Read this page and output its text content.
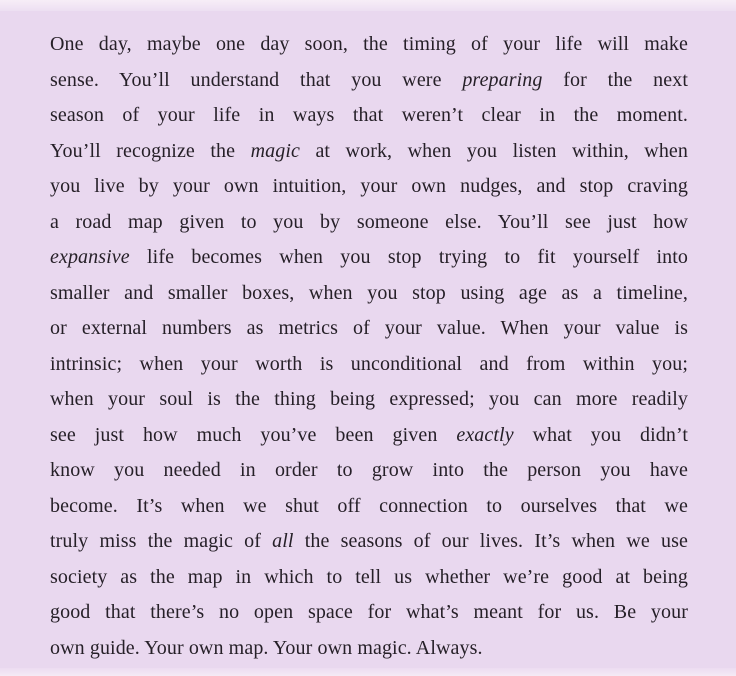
One day, maybe one day soon, the timing of your life will make
sense. You’ll understand that you were preparing for the next
season of your life in ways that weren’t clear in the moment.
You’ll recognize the magic at work, when you listen within, when
you live by your own intuition, your own nudges, and stop craving
a road map given to you by someone else. You’ll see just how
expansive life becomes when you stop trying to fit yourself into
smaller and smaller boxes, when you stop using age as a timeline,
or external numbers as metrics of your value. When your value is
intrinsic; when your worth is unconditional and from within you;
when your soul is the thing being expressed; you can more readily
see just how much you’ve been given exactly what you didn’t
know you needed in order to grow into the person you have
become. It’s when we shut off connection to ourselves that we
truly miss the magic of all the seasons of our lives. It’s when we use
society as the map in which to tell us whether we’re good at being
good that there’s no open space for what’s meant for us. Be your
own guide. Your own map. Your own magic. Always.
